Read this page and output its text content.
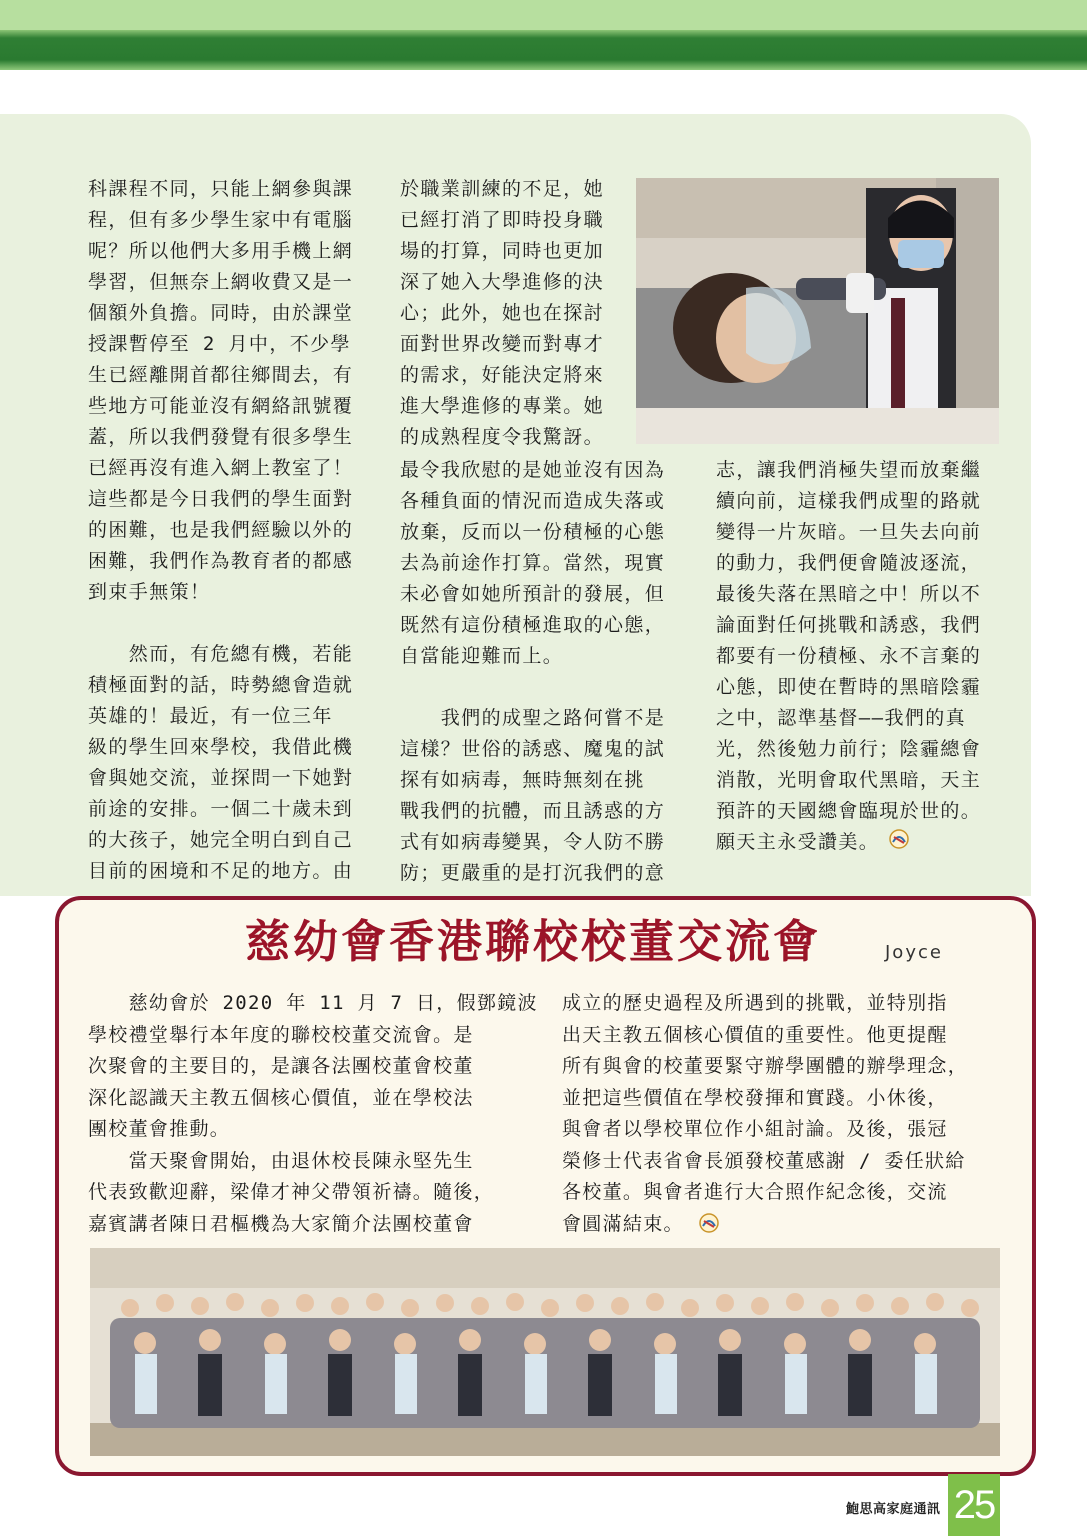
科課程不同，只能上網參與課
程，但有多少學生家中有電腦
呢？所以他們大多用手機上網
學習，但無奈上網收費又是一
個額外負擔。同時，由於課堂
授課暫停至 2 月中，不少學
生已經離開首都往鄉間去，有
些地方可能並沒有網絡訊號覆
蓋，所以我們發覺有很多學生
已經再沒有進入網上教室了！
這些都是今日我們的學生面對
的困難，也是我們經驗以外的
困難，我們作為教育者的都感
到束手無策！

　　然而，有危總有機，若能
積極面對的話，時勢總會造就
英雄的！最近，有一位三年
級的學生回來學校，我借此機
會與她交流，並探問一下她對
前途的安排。一個二十歲未到
的大孩子，她完全明白到自己
目前的困境和不足的地方。由
於職業訓練的不足，她
已經打消了即時投身職
場的打算，同時也更加
深了她入大學進修的決
心；此外，她也在探討
面對世界改變而對專才
的需求，好能決定將來
進大學進修的專業。她
的成熟程度令我驚訝。
最令我欣慰的是她並沒有因為
各種負面的情況而造成失落或
放棄，反而以一份積極的心態
去為前途作打算。當然，現實
未必會如她所預計的發展，但
既然有這份積極進取的心態，
自當能迎難而上。

　　我們的成聖之路何嘗不是
這樣？世俗的誘惑、魔鬼的試
探有如病毒，無時無刻在挑
戰我們的抗體，而且誘惑的方
式有如病毒變異，令人防不勝
防；更嚴重的是打沉我們的意
志，讓我們消極失望而放棄繼
續向前，這樣我們成聖的路就
變得一片灰暗。一旦失去向前
的動力，我們便會隨波逐流，
最後失落在黑暗之中！所以不
論面對任何挑戰和誘惑，我們
都要有一份積極、永不言棄的
心態，即使在暫時的黑暗陰霾
之中，認準基督——我們的真
光，然後勉力前行；陰霾總會
消散，光明會取代黑暗，天主
預許的天國總會臨現於世的。
願天主永受讚美。
慈幼會香港聯校校董交流會	Joyce
　　慈幼會於 2020 年 11 月 7 日，假鄧鏡波
學校禮堂舉行本年度的聯校校董交流會。是
次聚會的主要目的，是讓各法團校董會校董
深化認識天主教五個核心價值，並在學校法
團校董會推動。
　　當天聚會開始，由退休校長陳永堅先生
代表致歡迎辭，梁偉才神父帶領祈禱。隨後，
嘉賓講者陳日君樞機為大家簡介法團校董會
成立的歷史過程及所遇到的挑戰，並特別指
出天主教五個核心價值的重要性。他更提醒
所有與會的校董要緊守辦學團體的辦學理念，
並把這些價值在學校發揮和實踐。小休後，
與會者以學校單位作小組討論。及後，張冠
榮修士代表省會長頒發校董感謝 / 委任狀給
各校董。與會者進行大合照作紀念後，交流
會圓滿結束。
鮑思高家庭通訊 25
